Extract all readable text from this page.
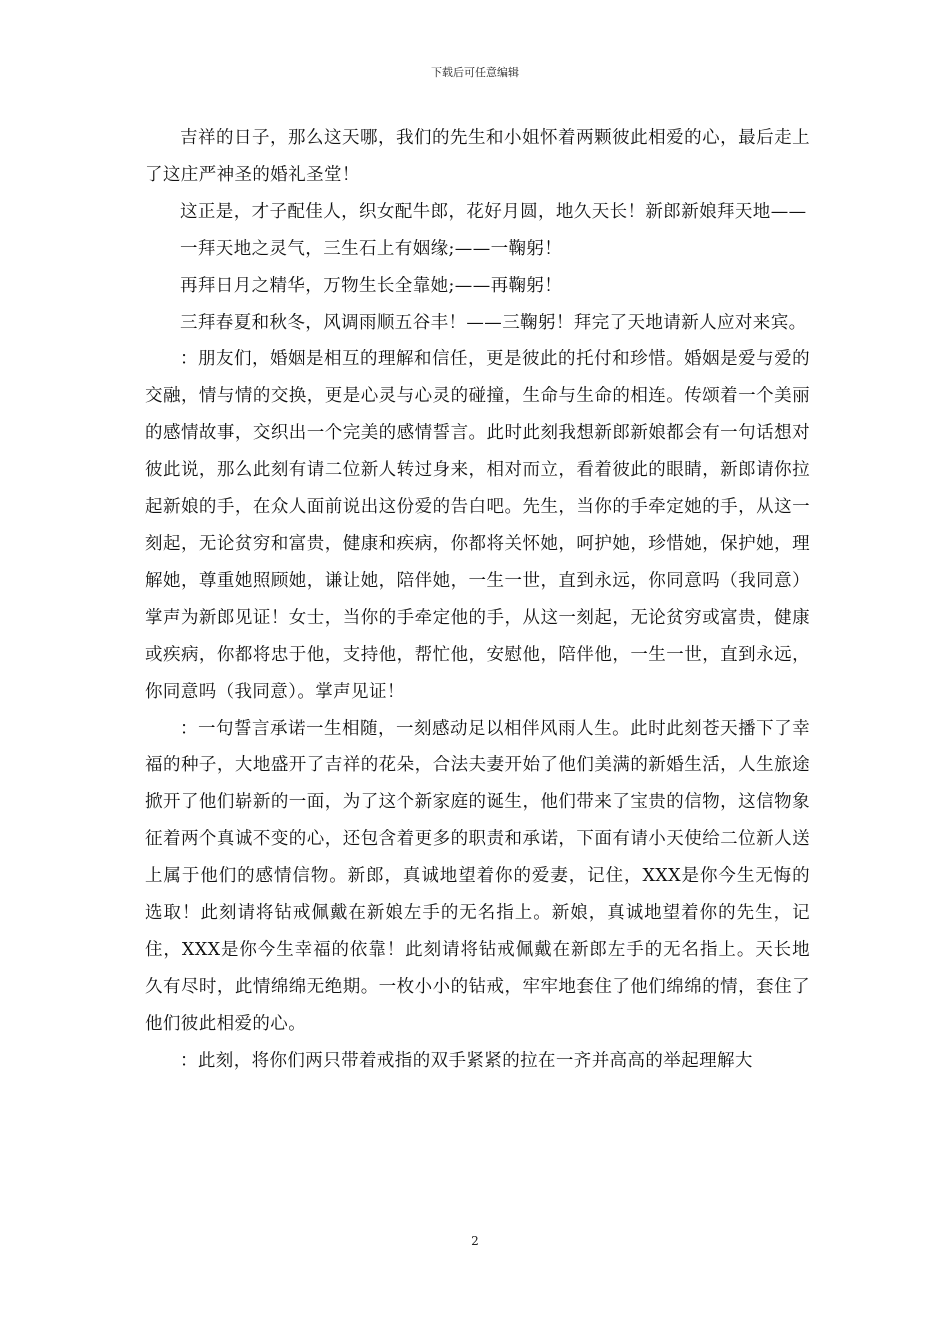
下载后可任意编辑

吉祥的日子，那么这天哪，我们的先生和小姐怀着两颗彼此相爱的心，最后走上了这庄严神圣的婚礼圣堂！

这正是，才子配佳人，织女配牛郎，花好月圆，地久天长！新郎新娘拜天地——

一拜天地之灵气，三生石上有姻缘;——一鞠躬！

再拜日月之精华，万物生长全靠她;——再鞠躬！

三拜春夏和秋冬，风调雨顺五谷丰！——三鞠躬！拜完了天地请新人应对来宾。

：朋友们，婚姻是相互的理解和信任，更是彼此的托付和珍惜。婚姻是爱与爱的交融，情与情的交换，更是心灵与心灵的碰撞，生命与生命的相连。传颂着一个美丽的感情故事，交织出一个完美的感情誓言。此时此刻我想新郎新娘都会有一句话想对彼此说，那么此刻有请二位新人转过身来，相对而立，看着彼此的眼睛，新郎请你拉起新娘的手，在众人面前说出这份爱的告白吧。先生，当你的手牵定她的手，从这一刻起，无论贫穷和富贵，健康和疾病，你都将关怀她，呵护她，珍惜她，保护她，理解她，尊重她照顾她，谦让她，陪伴她，一生一世，直到永远，你同意吗（我同意）掌声为新郎见证！女士，当你的手牵定他的手，从这一刻起，无论贫穷或富贵，健康或疾病，你都将忠于他，支持他，帮忙他，安慰他，陪伴他，一生一世，直到永远，你同意吗（我同意）。掌声见证！

：一句誓言承诺一生相随，一刻感动足以相伴风雨人生。此时此刻苍天播下了幸福的种子，大地盛开了吉祥的花朵，合法夫妻开始了他们美满的新婚生活，人生旅途掀开了他们崭新的一面，为了这个新家庭的诞生，他们带来了宝贵的信物，这信物象征着两个真诚不变的心，还包含着更多的职责和承诺，下面有请小天使给二位新人送上属于他们的感情信物。新郎，真诚地望着你的爱妻，记住，XXX是你今生无悔的选取！此刻请将钻戒佩戴在新娘左手的无名指上。新娘，真诚地望着你的先生，记住，XXX是你今生幸福的依靠！此刻请将钻戒佩戴在新郎左手的无名指上。天长地久有尽时，此情绵绵无绝期。一枚小小的钻戒，牢牢地套住了他们绵绵的情，套住了他们彼此相爱的心。

：此刻，将你们两只带着戒指的双手紧紧的拉在一齐并高高的举起理解大

2
